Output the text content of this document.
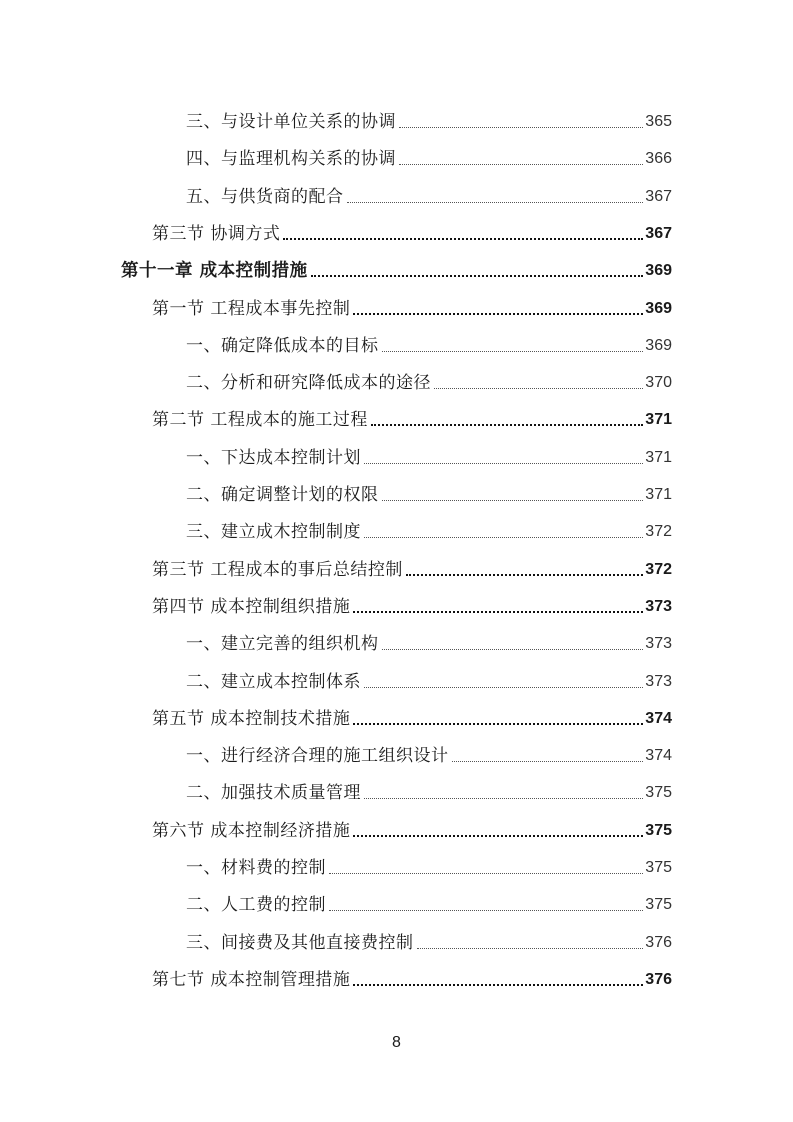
三、与设计单位关系的协调	365
四、与监理机构关系的协调	366
五、与供货商的配合	367
第三节 协调方式	367
第十一章 成本控制措施	369
第一节 工程成本事先控制	369
一、确定降低成本的目标	369
二、分析和研究降低成本的途径	370
第二节 工程成本的施工过程	371
一、下达成本控制计划	371
二、确定调整计划的权限	371
三、建立成木控制制度	372
第三节 工程成本的事后总结控制	372
第四节 成本控制组织措施	373
一、建立完善的组织机构	373
二、建立成本控制体系	373
第五节 成本控制技术措施	374
一、进行经济合理的施工组织设计	374
二、加强技术质量管理	375
第六节 成本控制经济措施	375
一、材料费的控制	375
二、人工费的控制	375
三、间接费及其他直接费控制	376
第七节 成本控制管理措施	376
8
